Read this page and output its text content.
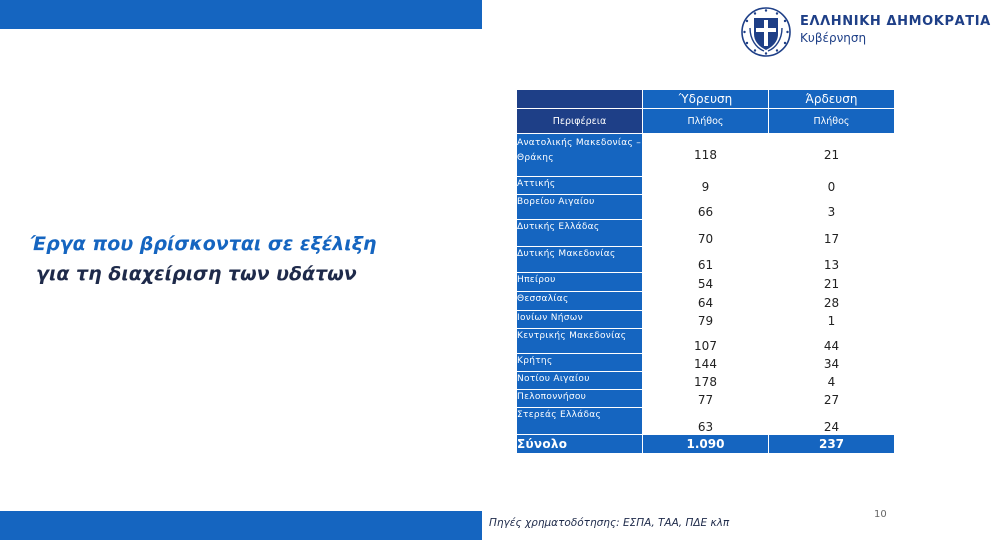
ΕΛΛΗΝΙΚΗ ΔΗΜΟΚΡΑΤΙΑ
Κυβέρνηση
Έργα που βρίσκονται σε εξέλιξη
για τη διαχείριση των υδάτων
	Ύδρευση	Άρδευση
Περιφέρεια	Πλήθος	Πλήθος
Ανατολικής Μακεδονίας – Θράκης	118	21
Αττικής	9	0
Βορείου Αιγαίου	66	3
Δυτικής Ελλάδας	70	17
Δυτικής Μακεδονίας	61	13
Ηπείρου	54	21
Θεσσαλίας	64	28
Ιονίων Νήσων	79	1
Κεντρικής Μακεδονίας	107	44
Κρήτης	144	34
Νοτίου Αιγαίου	178	4
Πελοποννήσου	77	27
Στερεάς Ελλάδας	63	24
Σύνολο	1.090	237
Πηγές χρηματοδότησης: ΕΣΠΑ, ΤΑΑ, ΠΔΕ κλπ
10
